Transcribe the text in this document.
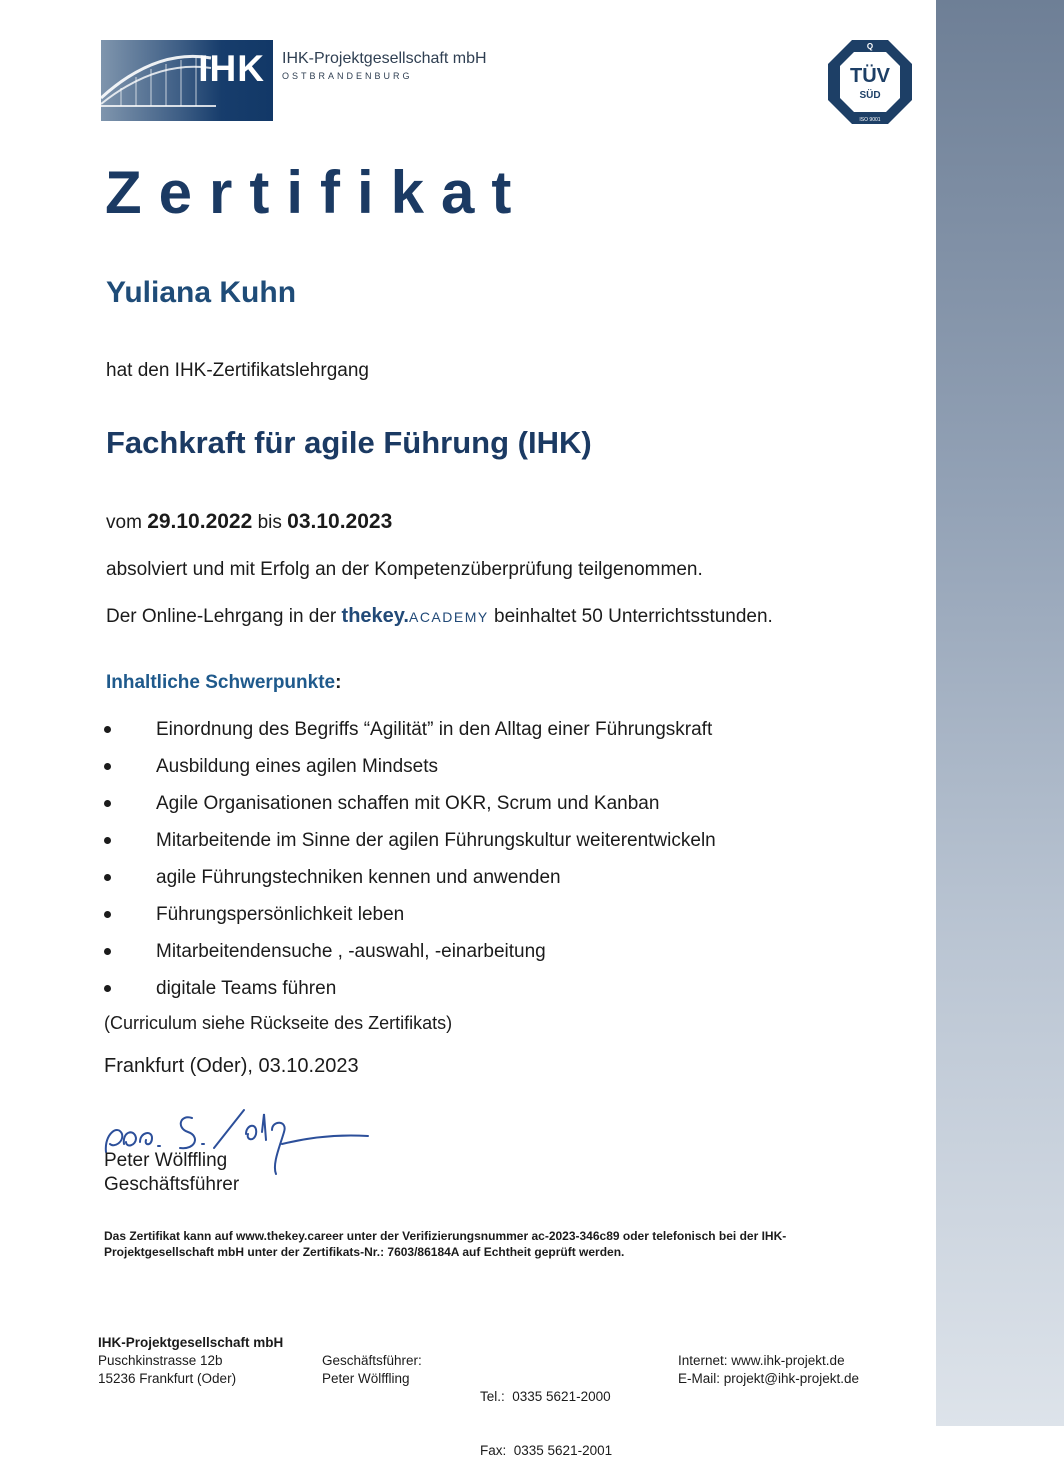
IHK IHK-Projektgesellschaft mbH
OSTBRANDENBURG
Q
TÜV
SÜD
ISO 9001
Zertifikat
Yuliana Kuhn
hat den IHK-Zertifikatslehrgang
Fachkraft für agile Führung (IHK)
vom 29.10.2022 bis 03.10.2023
absolviert und mit Erfolg an der Kompetenzüberprüfung teilgenommen.
Der Online-Lehrgang in der thekey.ACADEMY beinhaltet 50 Unterrichtsstunden.
Inhaltliche Schwerpunkte:
Einordnung des Begriffs “Agilität” in den Alltag einer Führungskraft
Ausbildung eines agilen Mindsets
Agile Organisationen schaffen mit OKR, Scrum und Kanban
Mitarbeitende im Sinne der agilen Führungskultur weiterentwickeln
agile Führungstechniken kennen und anwenden
Führungspersönlichkeit leben
Mitarbeitendensuche , -auswahl, -einarbeitung
digitale Teams führen
(Curriculum siehe Rückseite des Zertifikats)
Frankfurt (Oder), 03.10.2023
Peter Wölffling
Geschäftsführer
Das Zertifikat kann auf www.thekey.career unter der Verifizierungsnummer ac-2023-346c89 oder telefonisch bei der IHK-
Projektgesellschaft mbH unter der Zertifikats-Nr.: 7603/86184A auf Echtheit geprüft werden.
IHK-Projektgesellschaft mbH
Puschkinstrasse 12b
15236 Frankfurt (Oder)
Geschäftsführer:
Peter Wölffling

Tel.:  0335 5621-2000

Fax:  0335 5621-2001

Internet: www.ihk-projekt.de
E-Mail: projekt@ihk-projekt.de
